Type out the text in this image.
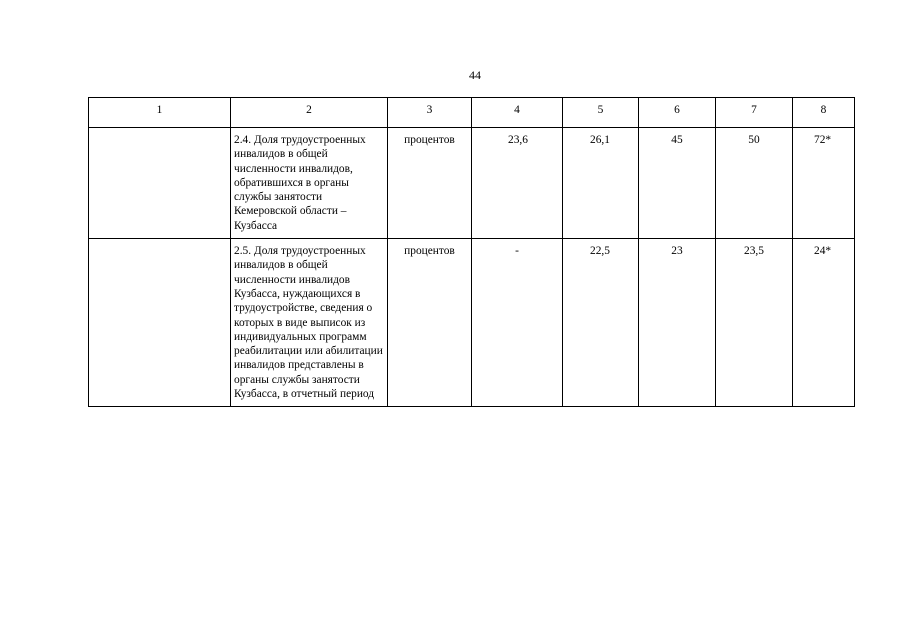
44
1	2	3	4	5	6	7	8
	2.4. Доля трудоустроенных инвалидов в общей численности инвалидов, обратившихся в органы службы занятости Кемеровской области – Кузбасса	процентов	23,6	26,1	45	50	72*
	2.5. Доля трудоустроенных инвалидов в общей численности инвалидов Кузбасса, нуждающихся в трудоустройстве, сведения о которых в виде выписок из индивидуальных программ реабилитации или абилитации инвалидов представлены в органы службы занятости Кузбасса, в отчетный период	процентов	-	22,5	23	23,5	24*
